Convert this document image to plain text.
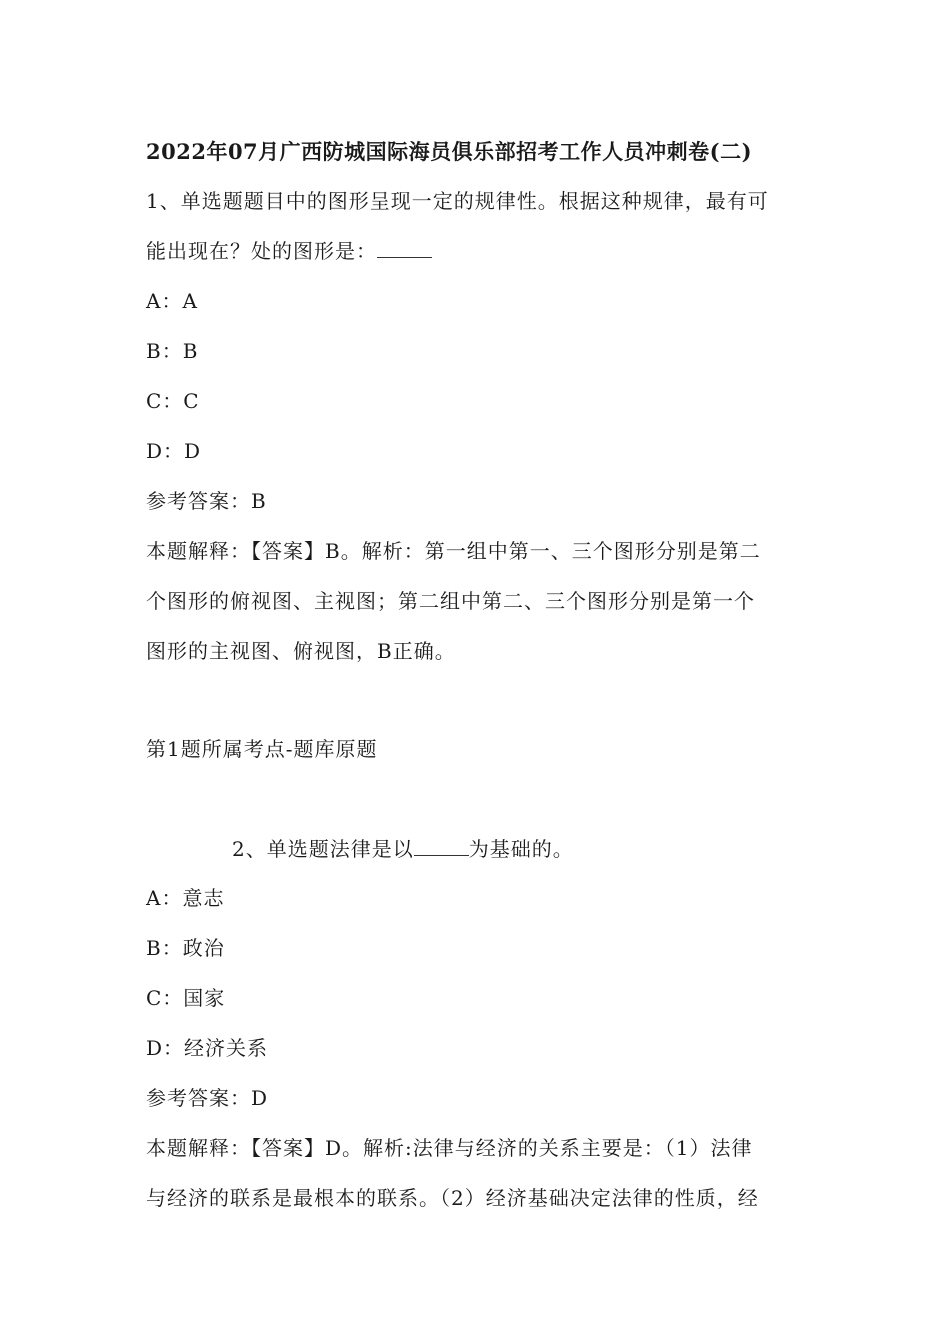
2022年07月广西防城国际海员俱乐部招考工作人员冲刺卷(二)
1、单选题题目中的图形呈现一定的规律性。根据这种规律，最有可
能出现在？处的图形是：
A：A
B：B
C：C
D：D
参考答案：B
本题解释：【答案】B。解析：第一组中第一、三个图形分别是第二
个图形的俯视图、主视图；第二组中第二、三个图形分别是第一个
图形的主视图、俯视图，B正确。
第1题所属考点-题库原题
2、单选题法律是以	为基础的。
A：意志
B：政治
C：国家
D：经济关系
参考答案：D
本题解释：【答案】D。解析:法律与经济的关系主要是：（1）法律
与经济的联系是最根本的联系。（2）经济基础决定法律的性质，经
